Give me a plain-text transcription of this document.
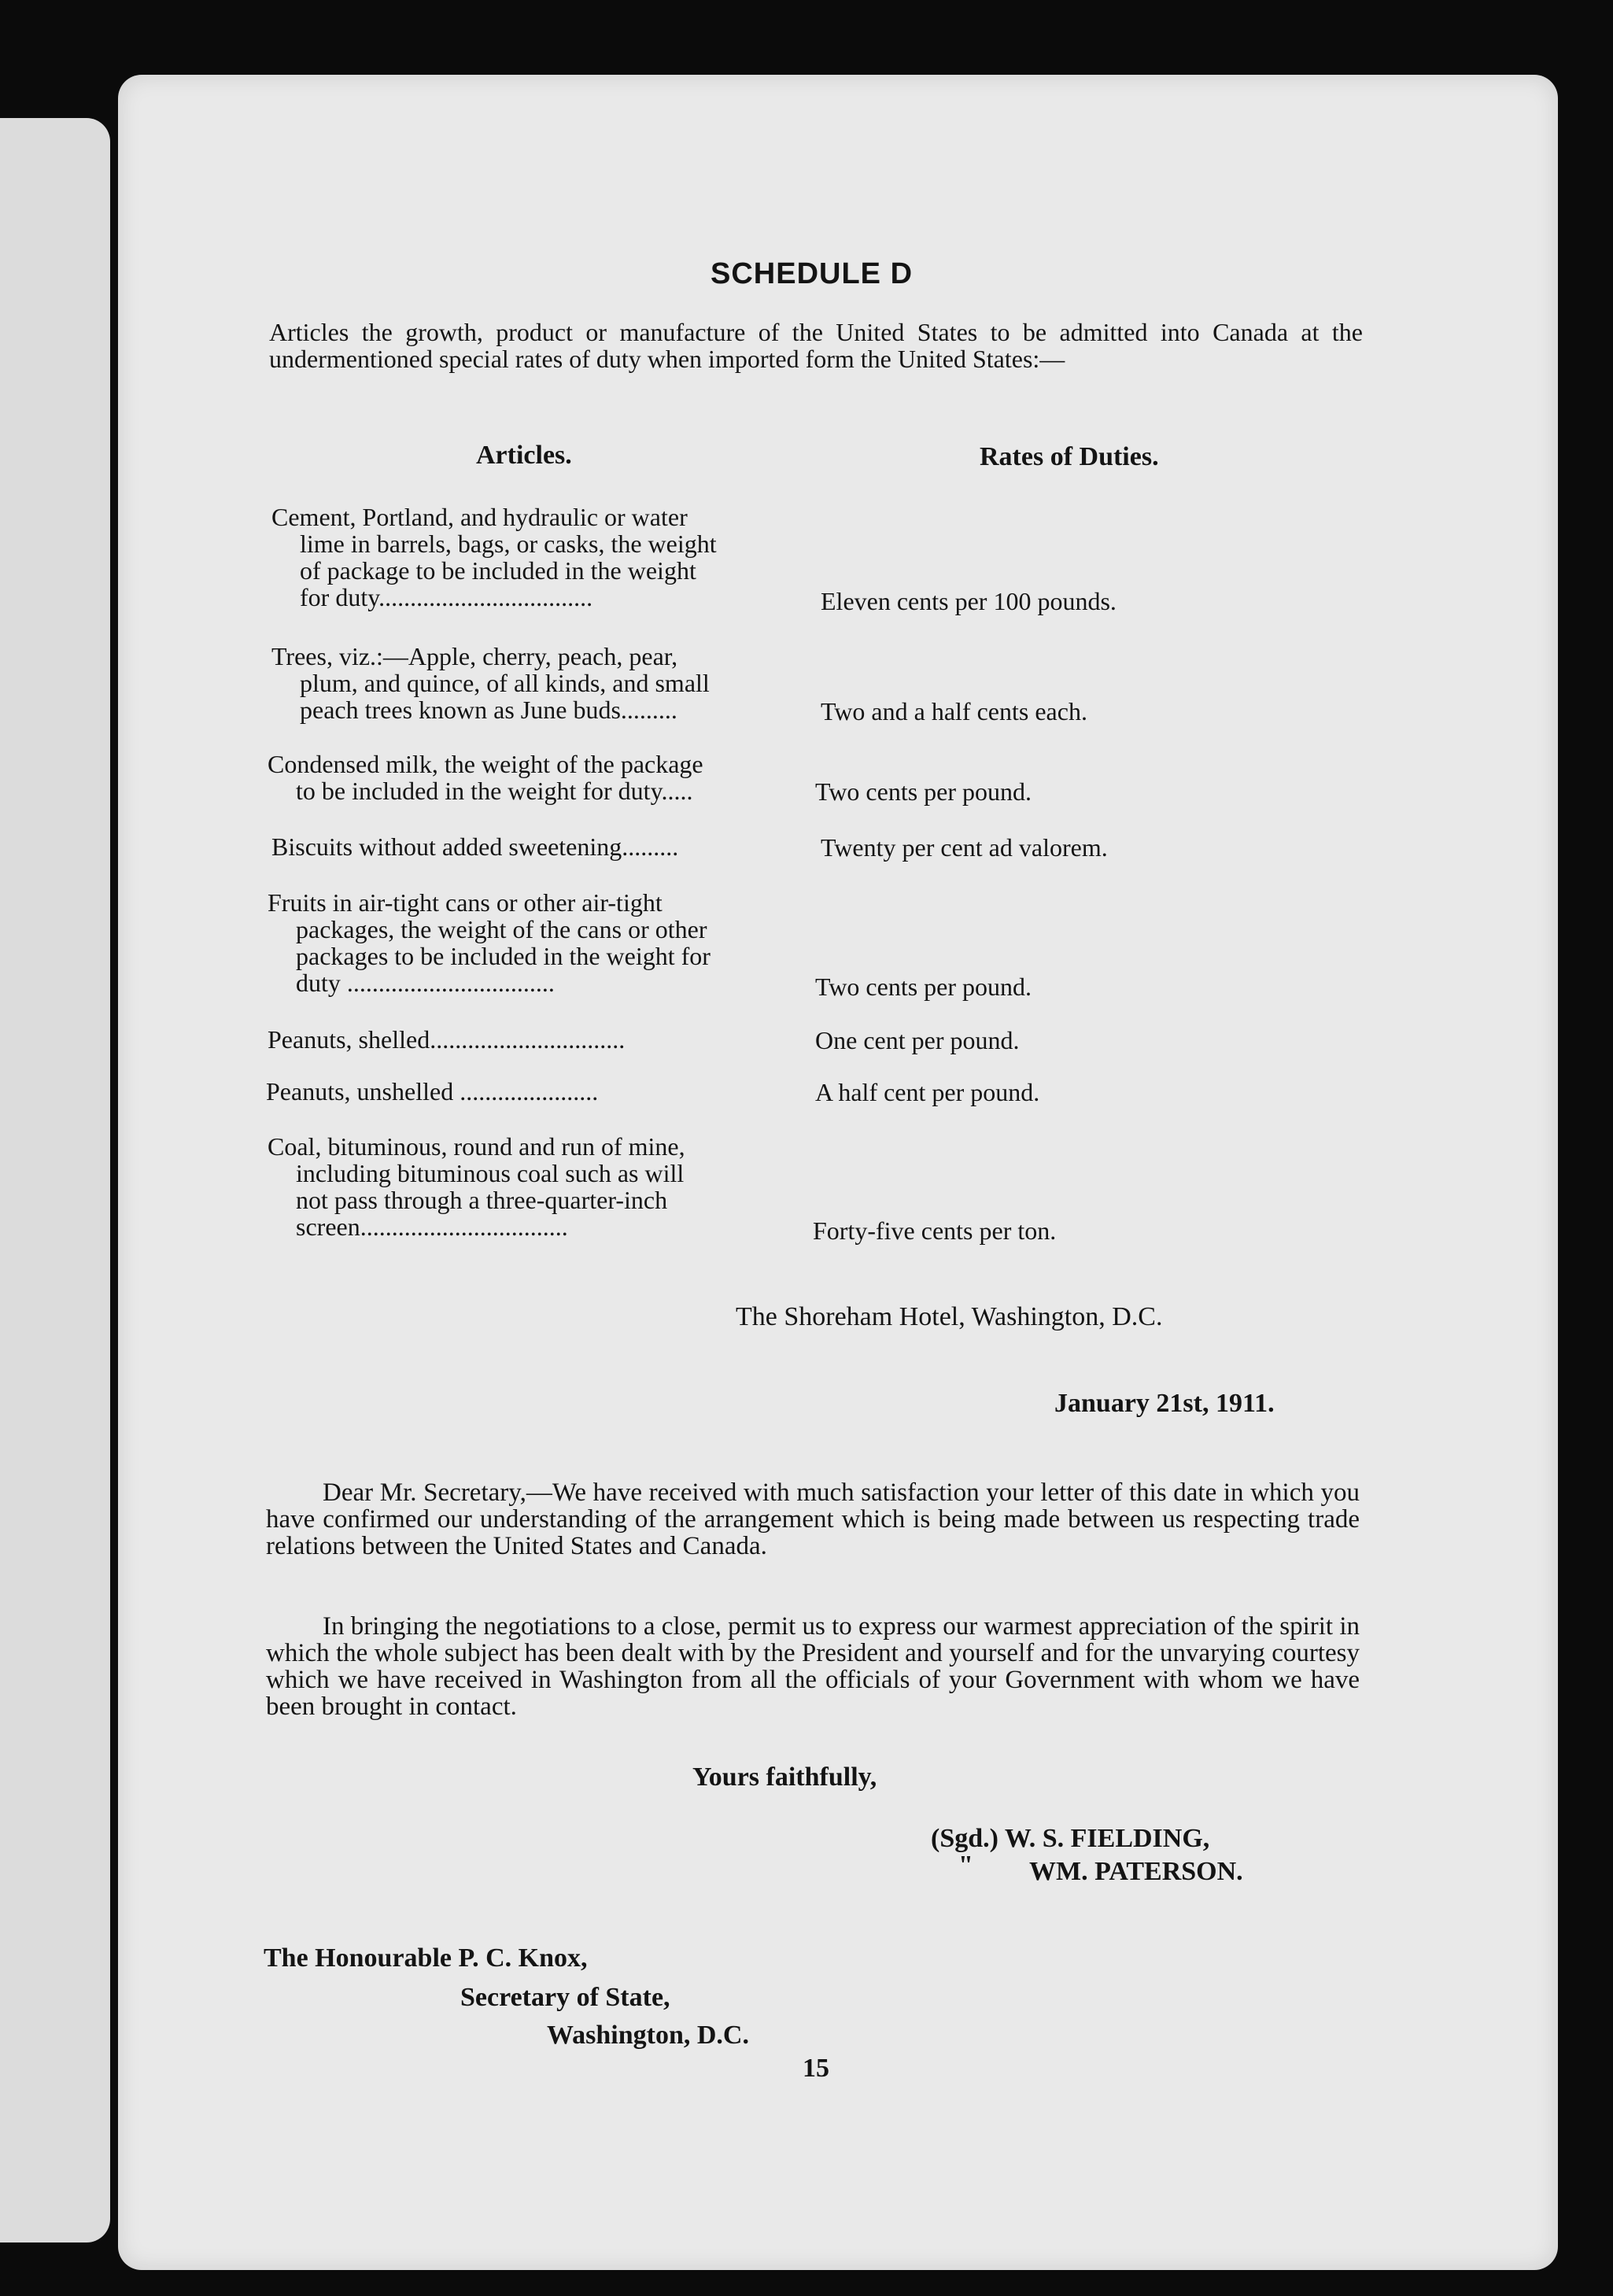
SCHEDULE D

Articles the growth, product or manufacture of the United States to be admitted into Canada at the undermentioned special rates of duty when imported form the United States:—

Articles.	Rates of Duties.
Cement, Portland, and hydraulic or water
lime in barrels, bags, or casks, the weight
of package to be included in the weight
for duty..................................	Eleven cents per 100 pounds.
Trees, viz.:—Apple, cherry, peach, pear,
plum, and quince, of all kinds, and small
peach trees known as June buds.........	Two and a half cents each.
Condensed milk, the weight of the package
to be included in the weight for duty.....	Two cents per pound.
Biscuits without added sweetening.........	Twenty per cent ad valorem.
Fruits in air-tight cans or other air-tight
packages, the weight of the cans or other
packages to be included in the weight for
duty .................................	Two cents per pound.
Peanuts, shelled...............................	One cent per pound.
Peanuts, unshelled ......................	A half cent per pound.
Coal, bituminous, round and run of mine,
including bituminous coal such as will
not pass through a three-quarter-inch
screen.................................	Forty-five cents per ton.
The Shoreham Hotel, Washington, D.C.
January 21st, 1911.

Dear Mr. Secretary,—We have received with much satisfaction your letter of this date in which you have confirmed our understanding of the arrangement which is being made between us respecting trade relations between the United States and Canada.

In bringing the negotiations to a close, permit us to express our warmest appreciation of the spirit in which the whole subject has been dealt with by the President and yourself and for the unvarying courtesy which we have received in Washington from all the officials of your Government with whom we have been brought in contact.

Yours faithfully,
(Sgd.) W. S. FIELDING,
" WM. PATERSON.
The Honourable P. C. Knox,
Secretary of State,
Washington, D.C.
15
